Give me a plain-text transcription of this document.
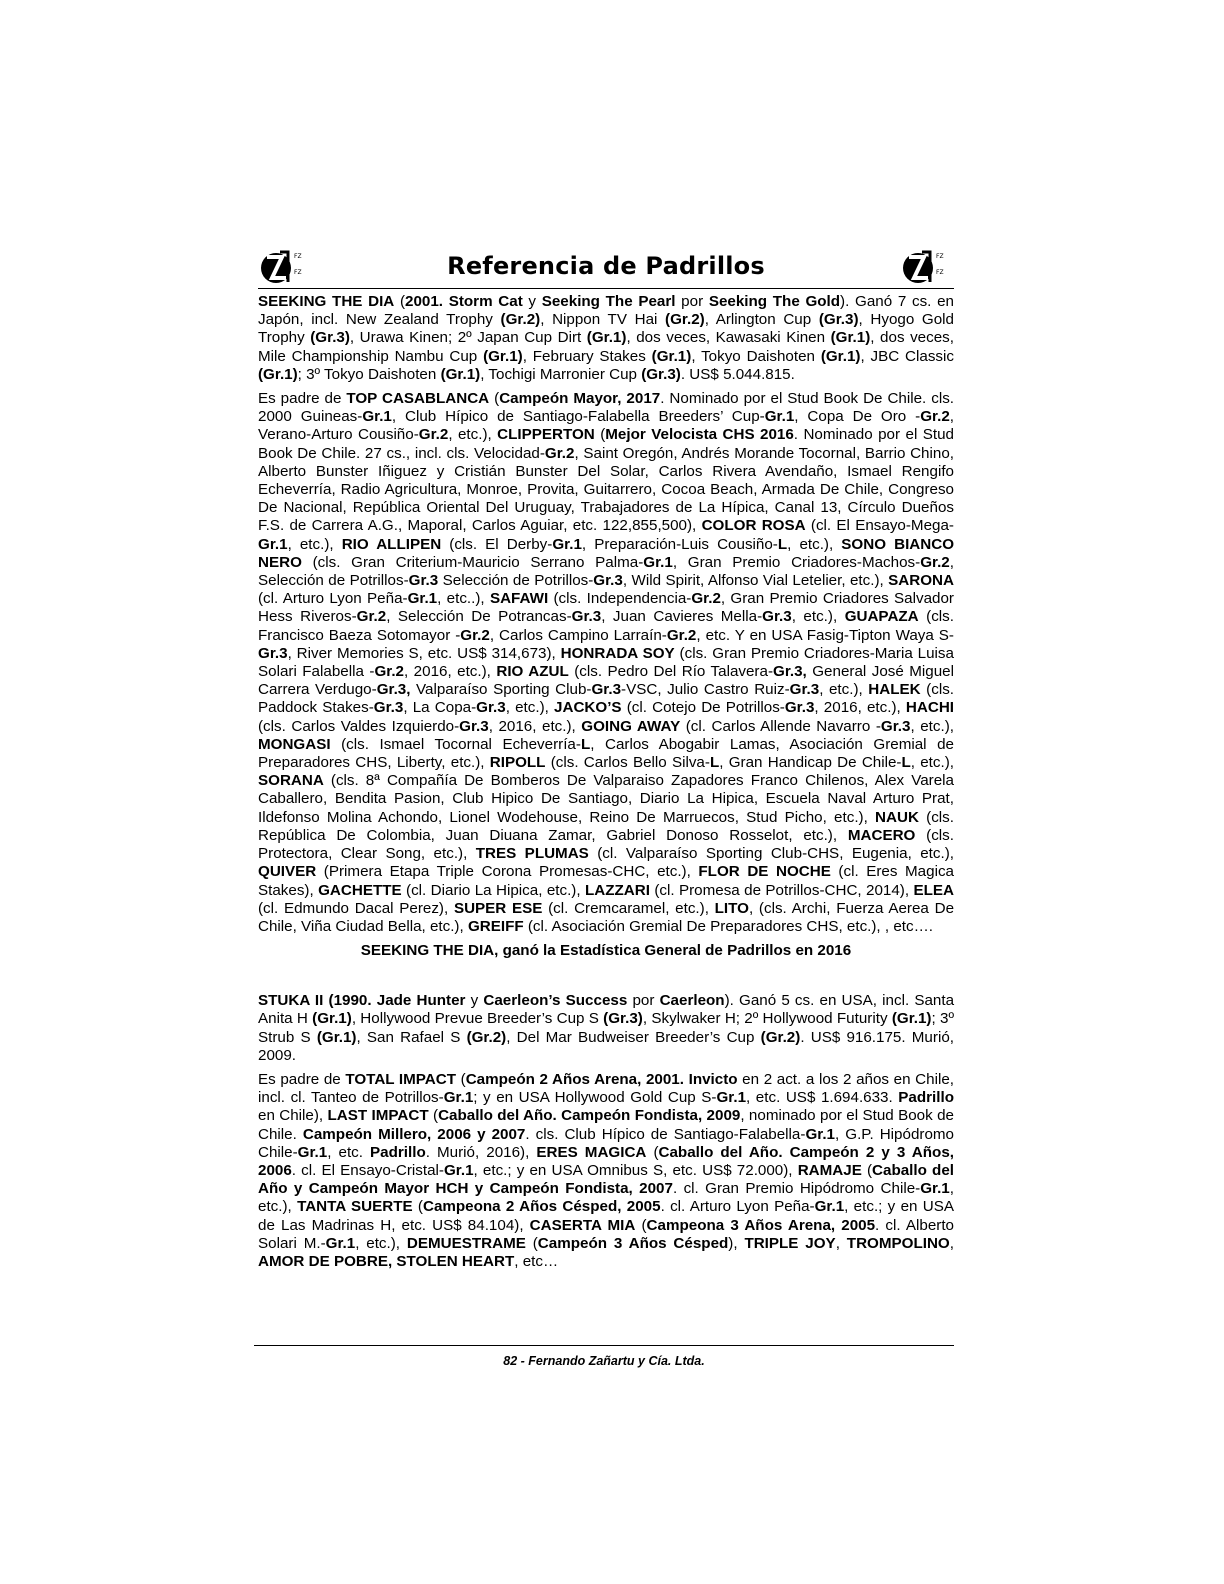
FZ
FZ	Referencia de Padrillos	FZ
FZ

SEEKING THE DIA (2001. Storm Cat y Seeking The Pearl por Seeking The Gold). Ganó 7 cs. en Japón, incl. New Zealand Trophy (Gr.2), Nippon TV Hai (Gr.2), Arlington Cup (Gr.3), Hyogo Gold Trophy (Gr.3), Urawa Kinen; 2º Japan Cup Dirt (Gr.1), dos veces, Kawasaki Kinen (Gr.1), dos veces, Mile Championship Nambu Cup (Gr.1), February Stakes (Gr.1), Tokyo Daishoten (Gr.1), JBC Classic (Gr.1); 3º Tokyo Daishoten (Gr.1), Tochigi Marronier Cup (Gr.3). US$ 5.044.815.

Es padre de TOP CASABLANCA (Campeón Mayor, 2017. Nominado por el Stud Book De Chile. cls. 2000 Guineas-Gr.1, Club Hípico de Santiago-Falabella Breeders’ Cup-Gr.1, Copa De Oro -Gr.2, Verano-Arturo Cousiño-Gr.2, etc.), CLIPPERTON (Mejor Velocista CHS 2016. Nominado por el Stud Book De Chile. 27 cs., incl. cls. Velocidad-Gr.2, Saint Oregón, Andrés Morande Tocornal, Barrio Chino, Alberto Bunster Iñiguez y Cristián Bunster Del Solar, Carlos Rivera Avendaño, Ismael Rengifo Echeverría, Radio Agricultura, Monroe, Provita, Guitarrero, Cocoa Beach, Armada De Chile, Congreso De Nacional, República Oriental Del Uruguay, Trabajadores de La Hípica, Canal 13, Círculo Dueños F.S. de Carrera A.G., Maporal, Carlos Aguiar, etc. 122,855,500), COLOR ROSA (cl. El Ensayo-Mega-Gr.1, etc.), RIO ALLIPEN (cls. El Derby-Gr.1, Preparación-Luis Cousiño-L, etc.), SONO BIANCO NERO (cls. Gran Criterium-Mauricio Serrano Palma-Gr.1, Gran Premio Criadores-Machos-Gr.2, Selección de Potrillos-Gr.3 Selección de Potrillos-Gr.3, Wild Spirit, Alfonso Vial Letelier, etc.), SARONA (cl. Arturo Lyon Peña-Gr.1, etc..), SAFAWI (cls. Independencia-Gr.2, Gran Premio Criadores Salvador Hess Riveros-Gr.2, Selección De Potrancas-Gr.3, Juan Cavieres Mella-Gr.3, etc.), GUAPAZA (cls. Francisco Baeza Sotomayor -Gr.2, Carlos Campino Larraín-Gr.2, etc. Y en USA Fasig-Tipton Waya S-Gr.3, River Memories S, etc. US$ 314,673), HONRADA SOY (cls. Gran Premio Criadores-Maria Luisa Solari Falabella -Gr.2, 2016, etc.), RIO AZUL (cls. Pedro Del Río Talavera-Gr.3, General José Miguel Carrera Verdugo-Gr.3, Valparaíso Sporting Club-Gr.3-VSC, Julio Castro Ruiz-Gr.3, etc.), HALEK (cls. Paddock Stakes-Gr.3, La Copa-Gr.3, etc.), JACKO’S (cl. Cotejo De Potrillos-Gr.3, 2016, etc.), HACHI (cls. Carlos Valdes Izquierdo-Gr.3, 2016, etc.), GOING AWAY (cl. Carlos Allende Navarro -Gr.3, etc.), MONGASI (cls. Ismael Tocornal Echeverría-L, Carlos Abogabir Lamas, Asociación Gremial de Preparadores CHS, Liberty, etc.), RIPOLL (cls. Carlos Bello Silva-L, Gran Handicap De Chile-L, etc.), SORANA (cls. 8ª Compañía De Bomberos De Valparaiso Zapadores Franco Chilenos, Alex Varela Caballero, Bendita Pasion, Club Hipico De Santiago, Diario La Hipica, Escuela Naval Arturo Prat, Ildefonso Molina Achondo, Lionel Wodehouse, Reino De Marruecos, Stud Picho, etc.), NAUK (cls. República De Colombia, Juan Diuana Zamar, Gabriel Donoso Rosselot, etc.), MACERO (cls. Protectora, Clear Song, etc.), TRES PLUMAS (cl. Valparaíso Sporting Club-CHS, Eugenia, etc.), QUIVER (Primera Etapa Triple Corona Promesas-CHC, etc.), FLOR DE NOCHE (cl. Eres Magica Stakes), GACHETTE (cl. Diario La Hipica, etc.), LAZZARI (cl. Promesa de Potrillos-CHC, 2014), ELEA (cl. Edmundo Dacal Perez), SUPER ESE (cl. Cremcaramel, etc.), LITO, (cls. Archi, Fuerza Aerea De Chile, Viña Ciudad Bella, etc.), GREIFF (cl. Asociación Gremial De Preparadores CHS, etc.), , etc….

SEEKING THE DIA, ganó la Estadística General de Padrillos en 2016

STUKA II (1990. Jade Hunter y Caerleon’s Success por Caerleon). Ganó 5 cs. en USA, incl. Santa Anita H (Gr.1), Hollywood Prevue Breeder’s Cup S (Gr.3), Skylwaker H; 2º Hollywood Futurity (Gr.1); 3º Strub S (Gr.1), San Rafael S (Gr.2), Del Mar Budweiser Breeder’s Cup (Gr.2). US$ 916.175. Murió, 2009.

Es padre de TOTAL IMPACT (Campeón 2 Años Arena, 2001. Invicto en 2 act. a los 2 años en Chile, incl. cl. Tanteo de Potrillos-Gr.1; y en USA Hollywood Gold Cup S-Gr.1, etc. US$ 1.694.633. Padrillo en Chile), LAST IMPACT (Caballo del Año. Campeón Fondista, 2009, nominado por el Stud Book de Chile. Campeón Millero, 2006 y 2007. cls. Club Hípico de Santiago-Falabella-Gr.1, G.P. Hipódromo Chile-Gr.1, etc. Padrillo. Murió, 2016), ERES MAGICA (Caballo del Año. Campeón 2 y 3 Años, 2006. cl. El Ensayo-Cristal-Gr.1, etc.; y en USA Omnibus S, etc. US$ 72.000), RAMAJE (Caballo del Año y Campeón Mayor HCH y Campeón Fondista, 2007. cl. Gran Premio Hipódromo Chile-Gr.1, etc.), TANTA SUERTE (Campeona 2 Años Césped, 2005. cl. Arturo Lyon Peña-Gr.1, etc.; y en USA de Las Madrinas H, etc. US$ 84.104), CASERTA MIA (Campeona 3 Años Arena, 2005. cl. Alberto Solari M.-Gr.1, etc.), DEMUESTRAME (Campeón 3 Años Césped), TRIPLE JOY, TROMPOLINO, AMOR DE POBRE, STOLEN HEART, etc…

82 - Fernando Zañartu y Cía. Ltda.
